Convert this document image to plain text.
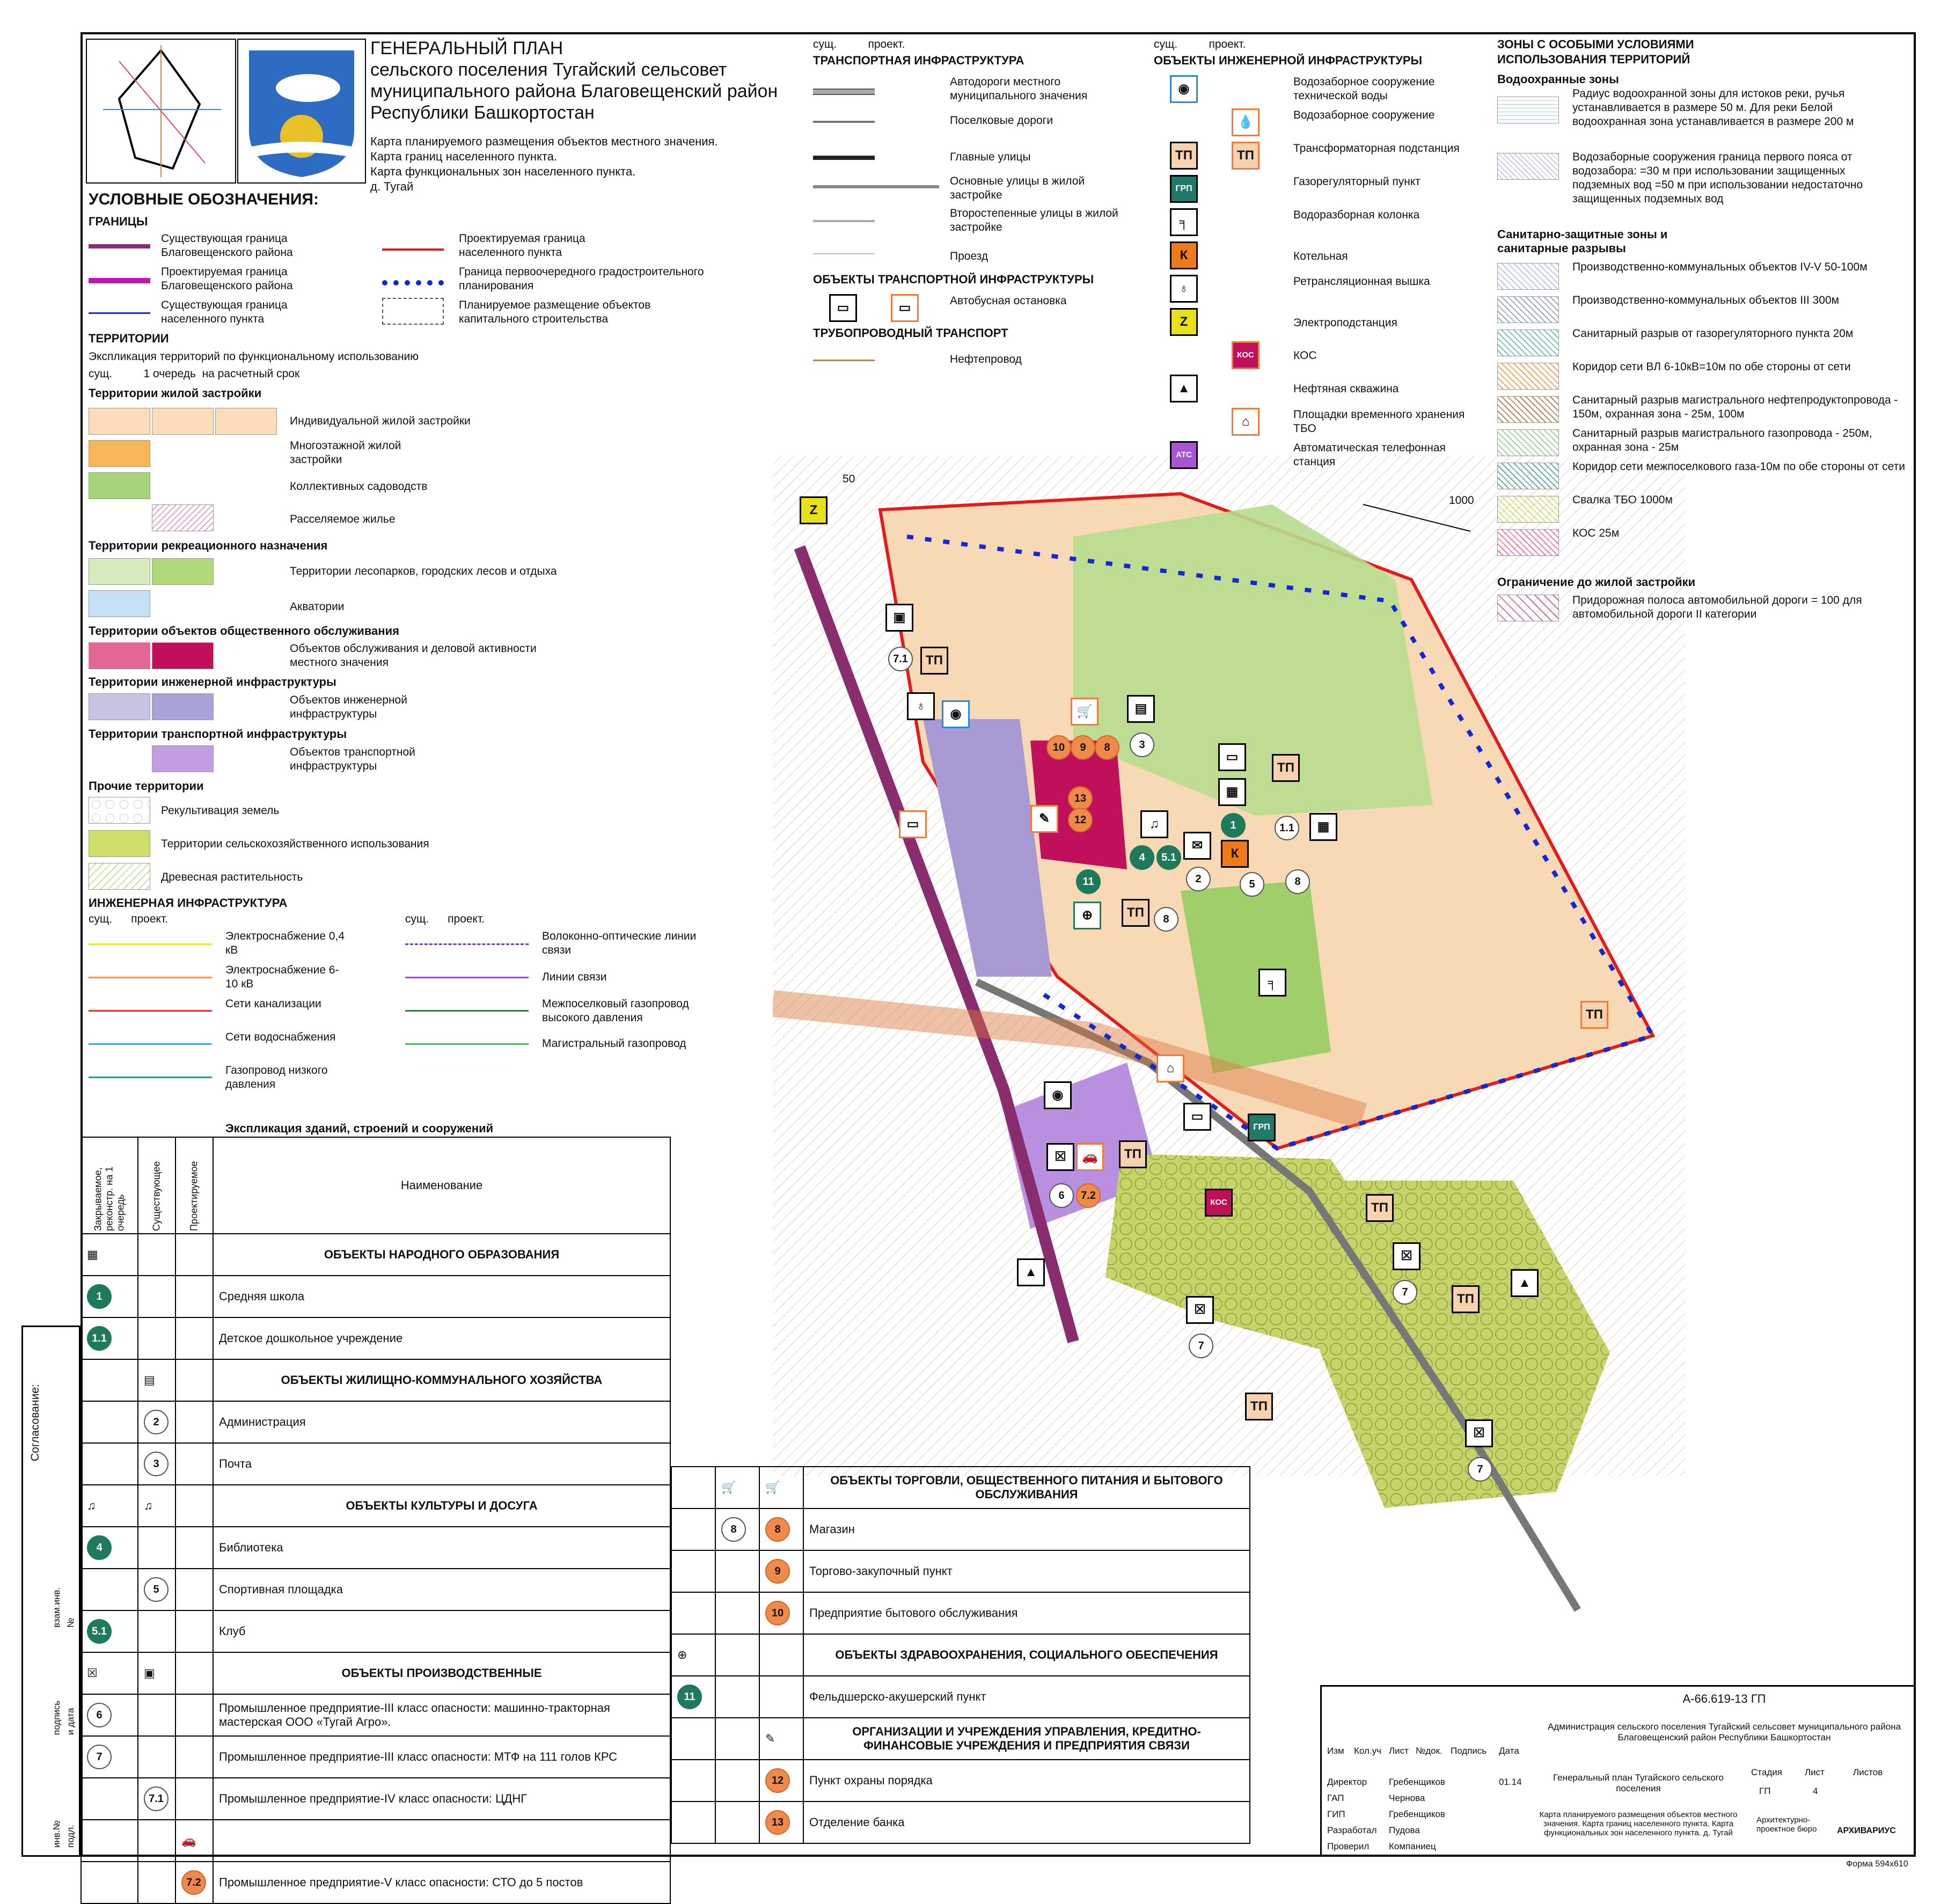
Согласование:
взам.инв.№
подпись и дата
инв.№ подл.
ГЕНЕРАЛЬНЫЙ ПЛАН
сельского поселения Тугайский сельсовет
муниципального района Благовещенский район
Республики Башкортостан
Карта планируемого размещения объектов местного значения.
Карта границ населенного пункта.
Карта функциональных зон населенного пункта.
д. Тугай
УСЛОВНЫЕ ОБОЗНАЧЕНИЯ:
ГРАНИЦЫ
Существующая граница Благовещенского района
Проектируемая граница Благовещенского района
Существующая граница населенного пункта
Проектируемая граница населенного пункта
Граница первоочередного градостроительного планирования
Планируемое размещение объектов капитального строительства
ТЕРРИТОРИИ
Экспликация территорий по функциональному использованию
сущ.          1 очередь  на расчетный срок
Территории жилой застройки
Индивидуальной жилой застройки
Многоэтажной жилой застройки
Коллективных садоводств
Расселяемое жилье
Территории рекреационного назначения
Территории лесопарков, городских лесов и отдыха
Акватории
Территории объектов общественного обслуживания
Объектов обслуживания и деловой активности местного значения
Территории инженерной инфраструктуры
Объектов инженерной инфраструктуры
Территории транспортной инфраструктуры
Объектов транспортной инфраструктуры
Прочие территории
Рекультивация земель
Территории сельскохозяйственного использования
Древесная растительность
ИНЖЕНЕРНАЯ ИНФРАСТРУКТУРА
сущ.      проект.	сущ.      проект.
Электроснабжение 0,4 кВ
Электроснабжение 6-10 кВ
Сети канализации
Сети водоснабжения
Газопровод низкого давления
Волоконно-оптические линии связи
Линии связи
Межпоселковый газопровод высокого давления
Магистральный газопровод
сущ.          проект.
ТРАНСПОРТНАЯ ИНФРАСТРУКТУРА
Автодороги местного муниципального значения
Поселковые дороги
Главные улицы
Основные улицы в жилой застройке
Второстепенные улицы в жилой застройке
Проезд
ОБЪЕКТЫ ТРАНСПОРТНОЙ ИНФРАСТРУКТУРЫ
▭	▭	Автобусная остановка
ТРУБОПРОВОДНЫЙ ТРАНСПОРТ
Нефтепровод
сущ.          проект.
ОБЪЕКТЫ ИНЖЕНЕРНОЙ ИНФРАСТРУКТУРЫ
◉	Водозаборное сооружение технической воды
💧	Водозаборное сооружение
ТП	ТП	Трансформаторная подстанция
ГРП
Газорегуляторный пункт
╕	Водоразборная колонка
К	Котельная
♁	Ретрансляционная вышка
Z	Электроподстанция
КОС	КОС
▲	Нефтяная скважина
⌂	Площадки временного хранения ТБО
АТС
Автоматическая телефонная станция
ЗОНЫ С ОСОБЫМИ УСЛОВИЯМИ
ИСПОЛЬЗОВАНИЯ ТЕРРИТОРИЙ
Водоохранные зоны
Радиус водоохранной зоны для истоков реки, ручья устанавливается в размере 50 м. Для реки Белой водоохранная зона устанавливается в размере 200 м
Водозаборные сооружения граница первого пояса от водозабора: =30 м при использовании защищенных подземных вод =50 м при использовании недостаточно защищенных подземных вод
Санитарно-защитные зоны и санитарные разрывы
Производственно-коммунальных объектов IV-V 50-100м
Производственно-коммунальных объектов III 300м
Санитарный разрыв от газорегуляторного пункта 20м
Коридор сети ВЛ 6-10кВ=10м по обе стороны от сети
Санитарный разрыв магистрального нефтепродуктопровода - 150м, охранная зона - 25м, 100м
Санитарный разрыв магистрального газопровода - 250м, охранная зона - 25м
Коридор сети межпоселкового газа-10м по обе стороны от сети
Свалка ТБО 1000м
КОС 25м
Ограничение до жилой застройки
Придорожная полоса автомобильной дороги = 100 для автомобильной дороги II категории
50
1000
Z
▣
7.1	ТП
♁
◉	🛒
10	9	8
▤
3
▭
ТП
▦
1
13
12
✎
▭	♫
4	5.1
✉
К
2	5
1.1	▦
8
11
⊕	ТП	8
╕
ТП
⌂
◉
▭
ГРП
☒	🚗	ТП
6	7.2
КОС	ТП
▲
☒
7
▲
ТП
☒
7
ТП
☒
7
Экспликация зданий, строений и сооружений
Закрываемое, реконстр. на 1 очередь	Существующее	Проектируемое	Наименование
▦			ОБЪЕКТЫ НАРОДНОГО ОБРАЗОВАНИЯ
1			Средняя школа
1.1			Детское дошкольное учреждение
	▤		ОБЪЕКТЫ ЖИЛИЩНО-КОММУНАЛЬНОГО ХОЗЯЙСТВА
	2		Администрация
	3		Почта
♫	♫		ОБЪЕКТЫ КУЛЬТУРЫ И ДОСУГА
4			Библиотека
	5		Спортивная площадка
5.1			Клуб
☒	▣		ОБЪЕКТЫ ПРОИЗВОДСТВЕННЫЕ
6			Промышленное предприятие-III класс опасности: машинно-тракторная мастерская ООО «Тугай Агро».
7			Промышленное предприятие-III класс опасности: МТФ на 111 голов КРС
	7.1		Промышленное предприятие-IV класс опасности: ЦДНГ
		🚗	
		7.2	Промышленное предприятие-V класс опасности: СТО до 5 постов
	🛒	🛒	ОБЪЕКТЫ ТОРГОВЛИ, ОБЩЕСТВЕННОГО ПИТАНИЯ И БЫТОВОГО ОБСЛУЖИВАНИЯ
	8	8	Магазин
		9	Торгово-закупочный пункт
		10	Предприятие бытового обслуживания
⊕			ОБЪЕКТЫ ЗДРАВООХРАНЕНИЯ, СОЦИАЛЬНОГО ОБЕСПЕЧЕНИЯ
11			Фельдшерско-акушерский пункт
		✎	ОРГАНИЗАЦИИ И УЧРЕЖДЕНИЯ УПРАВЛЕНИЯ, КРЕДИТНО-ФИНАНСОВЫЕ УЧРЕЖДЕНИЯ И ПРЕДПРИЯТИЯ СВЯЗИ
		12	Пункт охраны порядка
		13	Отделение банка
А-66.619-13 ГП
Администрация сельского поселения Тугайский сельсовет муниципального района Благовещенский район Республики Башкортостан
Изм Кол.уч Лист №док. Подпись Дата
Директор Гребенщиков	01.14
ГАП	Чернова
ГИП	Гребенщиков
Разработал Пудова
Проверил Компаниец
Генеральный план Тугайского сельского поселения
Карта планируемого размещения объектов местного значения. Карта границ населенного пункта. Карта функциональных зон населенного пункта. д. Тугай
Стадия Лист	Листов
ГП	4
Архитектурно-проектное бюро	АРХИВАРИУС
Форма 594х610
